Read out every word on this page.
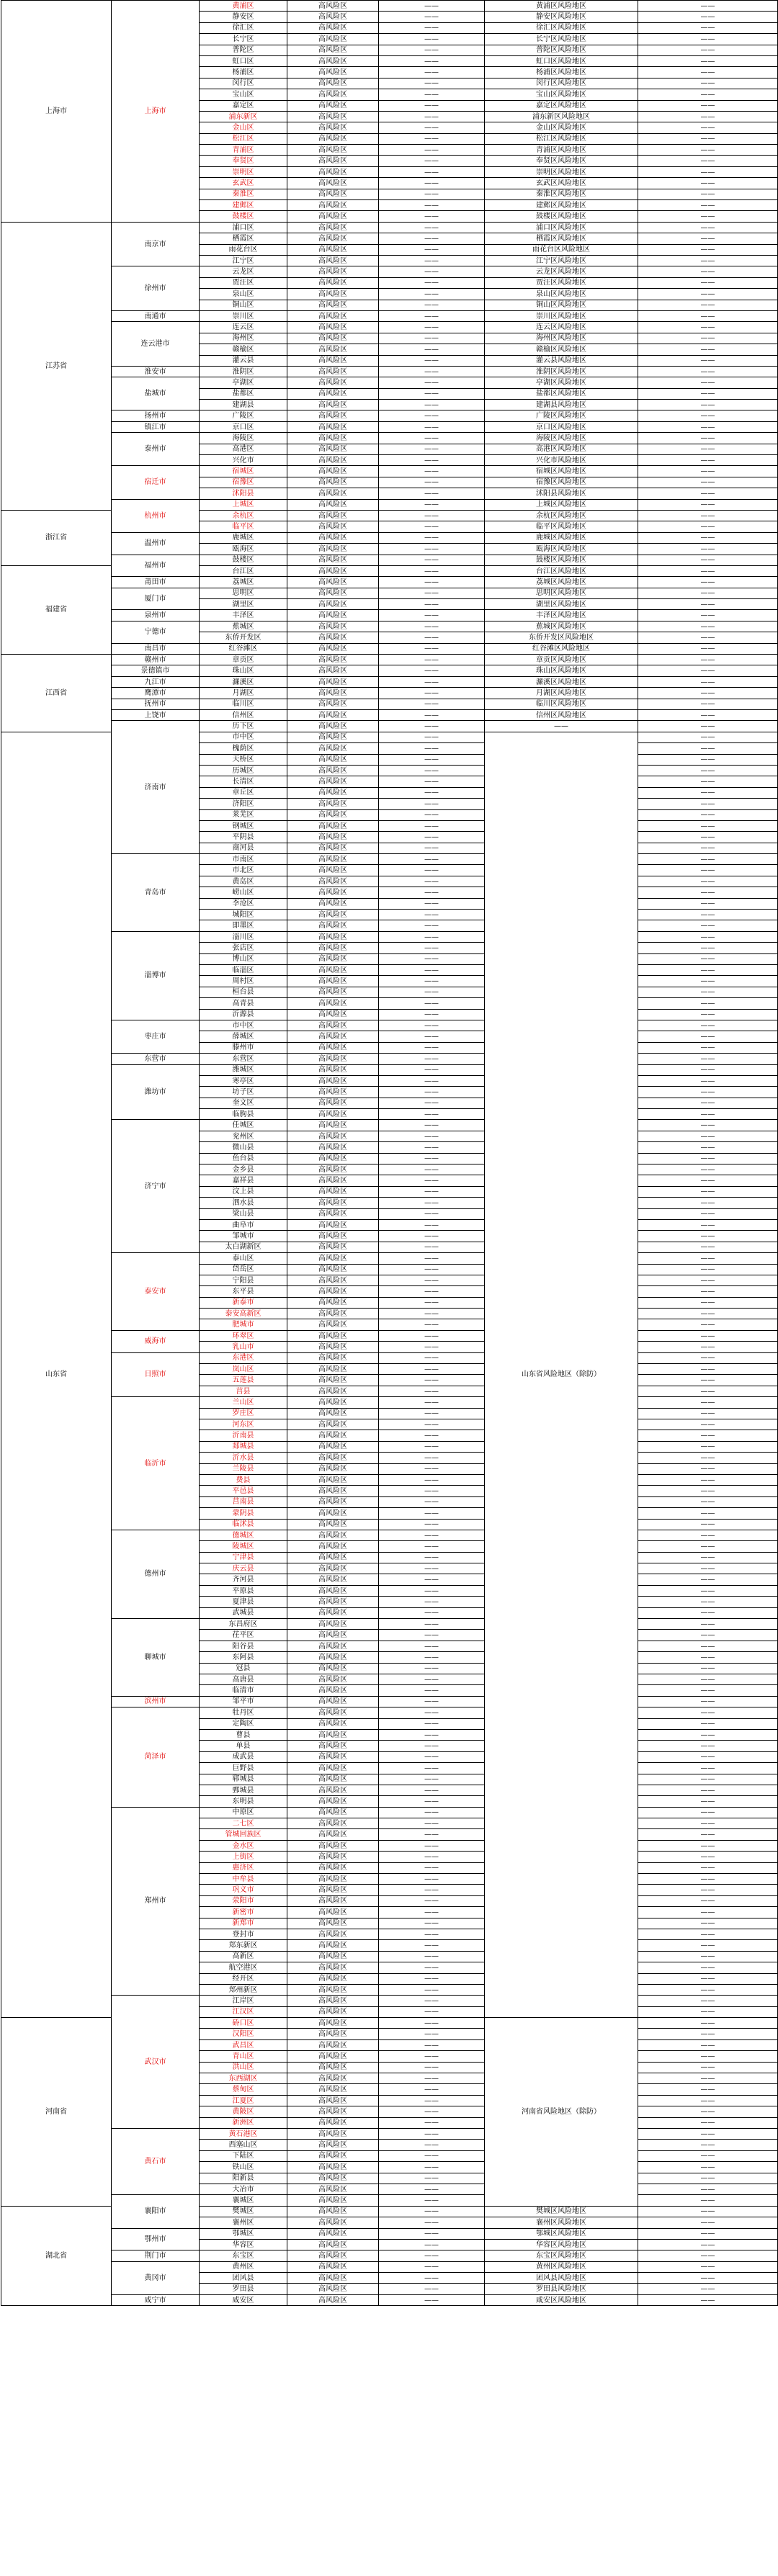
上海市	上海市	黄浦区	高风险区	——	黄浦区风险地区	——
		静安区	高风险区	——	静安区风险地区	——
		徐汇区	高风险区	——	徐汇区风险地区	——
		长宁区	高风险区	——	长宁区风险地区	——
		普陀区	高风险区	——	普陀区风险地区	——
		虹口区	高风险区	——	虹口区风险地区	——
		杨浦区	高风险区	——	杨浦区风险地区	——
		闵行区	高风险区	——	闵行区风险地区	——
		宝山区	高风险区	——	宝山区风险地区	——
		嘉定区	高风险区	——	嘉定区风险地区	——
		浦东新区	高风险区	——	浦东新区风险地区	——
		金山区	高风险区	——	金山区风险地区	——
		松江区	高风险区	——	松江区风险地区	——
		青浦区	高风险区	——	青浦区风险地区	——
		奉贤区	高风险区	——	奉贤区风险地区	——
		崇明区	高风险区	——	崇明区风险地区	——
		玄武区	高风险区	——	玄武区风险地区	——
		秦淮区	高风险区	——	秦淮区风险地区	——
		建邺区	高风险区	——	建邺区风险地区	——
		鼓楼区	高风险区	——	鼓楼区风险地区	——
江苏省	南京市	浦口区	高风险区	——	浦口区风险地区	——
		栖霞区	高风险区	——	栖霞区风险地区	——
		雨花台区	高风险区	——	雨花台区风险地区	——
		江宁区	高风险区	——	江宁区风险地区	——
	徐州市	云龙区	高风险区	——	云龙区风险地区	——
		贾汪区	高风险区	——	贾汪区风险地区	——
		泉山区	高风险区	——	泉山区风险地区	——
		铜山区	高风险区	——	铜山区风险地区	——
	南通市	崇川区	高风险区	——	崇川区风险地区	——
	连云港市	连云区	高风险区	——	连云区风险地区	——
		海州区	高风险区	——	海州区风险地区	——
		赣榆区	高风险区	——	赣榆区风险地区	——
		灌云县	高风险区	——	灌云县风险地区	——
	淮安市	淮阴区	高风险区	——	淮阴区风险地区	——
	盐城市	亭湖区	高风险区	——	亭湖区风险地区	——
		盐都区	高风险区	——	盐都区风险地区	——
		建湖县	高风险区	——	建湖县风险地区	——
	扬州市	广陵区	高风险区	——	广陵区风险地区	——
	镇江市	京口区	高风险区	——	京口区风险地区	——
	泰州市	海陵区	高风险区	——	海陵区风险地区	——
		高港区	高风险区	——	高港区风险地区	——
		兴化市	高风险区	——	兴化市风险地区	——
	宿迁市	宿城区	高风险区	——	宿城区风险地区	——
		宿豫区	高风险区	——	宿豫区风险地区	——
		沭阳县	高风险区	——	沭阳县风险地区	——
	杭州市	上城区	高风险区	——	上城区风险地区	——
浙江省		余杭区	高风险区	——	余杭区风险地区	——
		临平区	高风险区	——	临平区风险地区	——
	温州市	鹿城区	高风险区	——	鹿城区风险地区	——
		瓯海区	高风险区	——	瓯海区风险地区	——
	福州市	鼓楼区	高风险区	——	鼓楼区风险地区	——
福建省		台江区	高风险区	——	台江区风险地区	——
	莆田市	荔城区	高风险区	——	荔城区风险地区	——
	厦门市	思明区	高风险区	——	思明区风险地区	——
		湖里区	高风险区	——	湖里区风险地区	——
	泉州市	丰泽区	高风险区	——	丰泽区风险地区	——
	宁德市	蕉城区	高风险区	——	蕉城区风险地区	——
		东侨开发区	高风险区	——	东侨开发区风险地区	——
	南昌市	红谷滩区	高风险区	——	红谷滩区风险地区	——
江西省	赣州市	章贡区	高风险区	——	章贡区风险地区	——
	景德镇市	珠山区	高风险区	——	珠山区风险地区	——
	九江市	濂溪区	高风险区	——	濂溪区风险地区	——
	鹰潭市	月湖区	高风险区	——	月湖区风险地区	——
	抚州市	临川区	高风险区	——	临川区风险地区	——
	上饶市	信州区	高风险区	——	信州区风险地区	——
	济南市	历下区	高风险区	——	——	——
山东省		市中区	高风险区	——	山东省风险地区（除防）	——
		槐荫区	高风险区	——		——
		天桥区	高风险区	——		——
		历城区	高风险区	——		——
		长清区	高风险区	——		——
		章丘区	高风险区	——		——
		济阳区	高风险区	——		——
		莱芜区	高风险区	——		——
		钢城区	高风险区	——		——
		平阴县	高风险区	——		——
		商河县	高风险区	——		——
	青岛市	市南区	高风险区	——		——
		市北区	高风险区	——		——
		黄岛区	高风险区	——		——
		崂山区	高风险区	——		——
		李沧区	高风险区	——		——
		城阳区	高风险区	——		——
		即墨区	高风险区	——		——
	淄博市	淄川区	高风险区	——		——
		张店区	高风险区	——		——
		博山区	高风险区	——		——
		临淄区	高风险区	——		——
		周村区	高风险区	——		——
		桓台县	高风险区	——		——
		高青县	高风险区	——		——
		沂源县	高风险区	——		——
	枣庄市	市中区	高风险区	——		——
		薛城区	高风险区	——		——
		滕州市	高风险区	——		——
	东营市	东营区	高风险区	——		——
	潍坊市	潍城区	高风险区	——		——
		寒亭区	高风险区	——		——
		坊子区	高风险区	——		——
		奎文区	高风险区	——		——
		临朐县	高风险区	——		——
	济宁市	任城区	高风险区	——		——
		兖州区	高风险区	——		——
		微山县	高风险区	——		——
		鱼台县	高风险区	——		——
		金乡县	高风险区	——		——
		嘉祥县	高风险区	——		——
		汶上县	高风险区	——		——
		泗水县	高风险区	——		——
		梁山县	高风险区	——		——
		曲阜市	高风险区	——		——
		邹城市	高风险区	——		——
		太白湖新区	高风险区	——		——
	泰安市	泰山区	高风险区	——		——
		岱岳区	高风险区	——		——
		宁阳县	高风险区	——		——
		东平县	高风险区	——		——
		新泰市	高风险区	——		——
		泰安高新区	高风险区	——		——
		肥城市	高风险区	——		——
	威海市	环翠区	高风险区	——		——
		乳山市	高风险区	——		——
	日照市	东港区	高风险区	——		——
		岚山区	高风险区	——		——
		五莲县	高风险区	——		——
		莒县	高风险区	——		——
	临沂市	兰山区	高风险区	——		——
		罗庄区	高风险区	——		——
		河东区	高风险区	——		——
		沂南县	高风险区	——		——
		郯城县	高风险区	——		——
		沂水县	高风险区	——		——
		兰陵县	高风险区	——		——
		费县	高风险区	——		——
		平邑县	高风险区	——		——
		莒南县	高风险区	——		——
		蒙阴县	高风险区	——		——
		临沭县	高风险区	——		——
	德州市	德城区	高风险区	——		——
		陵城区	高风险区	——		——
		宁津县	高风险区	——		——
		庆云县	高风险区	——		——
		齐河县	高风险区	——		——
		平原县	高风险区	——		——
		夏津县	高风险区	——		——
		武城县	高风险区	——		——
	聊城市	东昌府区	高风险区	——		——
		茌平区	高风险区	——		——
		阳谷县	高风险区	——		——
		东阿县	高风险区	——		——
		冠县	高风险区	——		——
		高唐县	高风险区	——		——
		临清市	高风险区	——		——
	滨州市	邹平市	高风险区	——		——
	菏泽市	牡丹区	高风险区	——		——
		定陶区	高风险区	——		——
		曹县	高风险区	——		——
		单县	高风险区	——		——
		成武县	高风险区	——		——
		巨野县	高风险区	——		——
		郓城县	高风险区	——		——
		鄄城县	高风险区	——		——
		东明县	高风险区	——		——
	郑州市	中原区	高风险区	——		——
		二七区	高风险区	——		——
		管城回族区	高风险区	——		——
		金水区	高风险区	——		——
		上街区	高风险区	——		——
		惠济区	高风险区	——		——
		中牟县	高风险区	——		——
		巩义市	高风险区	——		——
		荥阳市	高风险区	——		——
		新密市	高风险区	——		——
		新郑市	高风险区	——		——
		登封市	高风险区	——		——
		郑东新区	高风险区	——		——
		高新区	高风险区	——		——
		航空港区	高风险区	——		——
		经开区	高风险区	——		——
		郑州新区	高风险区	——		——
	武汉市	江岸区	高风险区	——		——
		江汉区	高风险区	——		——
河南省		硚口区	高风险区	——	河南省风险地区（除防）	——
		汉阳区	高风险区	——		——
		武昌区	高风险区	——		——
		青山区	高风险区	——		——
		洪山区	高风险区	——		——
		东西湖区	高风险区	——		——
		蔡甸区	高风险区	——		——
		江夏区	高风险区	——		——
		黄陂区	高风险区	——		——
		新洲区	高风险区	——		——
	黄石市	黄石港区	高风险区	——		——
		西塞山区	高风险区	——		——
		下陆区	高风险区	——		——
		铁山区	高风险区	——		——
		阳新县	高风险区	——		——
		大冶市	高风险区	——		——
	襄阳市	襄城区	高风险区	——		——
湖北省		樊城区	高风险区	——	樊城区风险地区	——
		襄州区	高风险区	——	襄州区风险地区	——
	鄂州市	鄂城区	高风险区	——	鄂城区风险地区	——
		华容区	高风险区	——	华容区风险地区	——
	荆门市	东宝区	高风险区	——	东宝区风险地区	——
	黄冈市	黄州区	高风险区	——	黄州区风险地区	——
		团风县	高风险区	——	团风县风险地区	——
		罗田县	高风险区	——	罗田县风险地区	——
	咸宁市	咸安区	高风险区	——	咸安区风险地区	——
